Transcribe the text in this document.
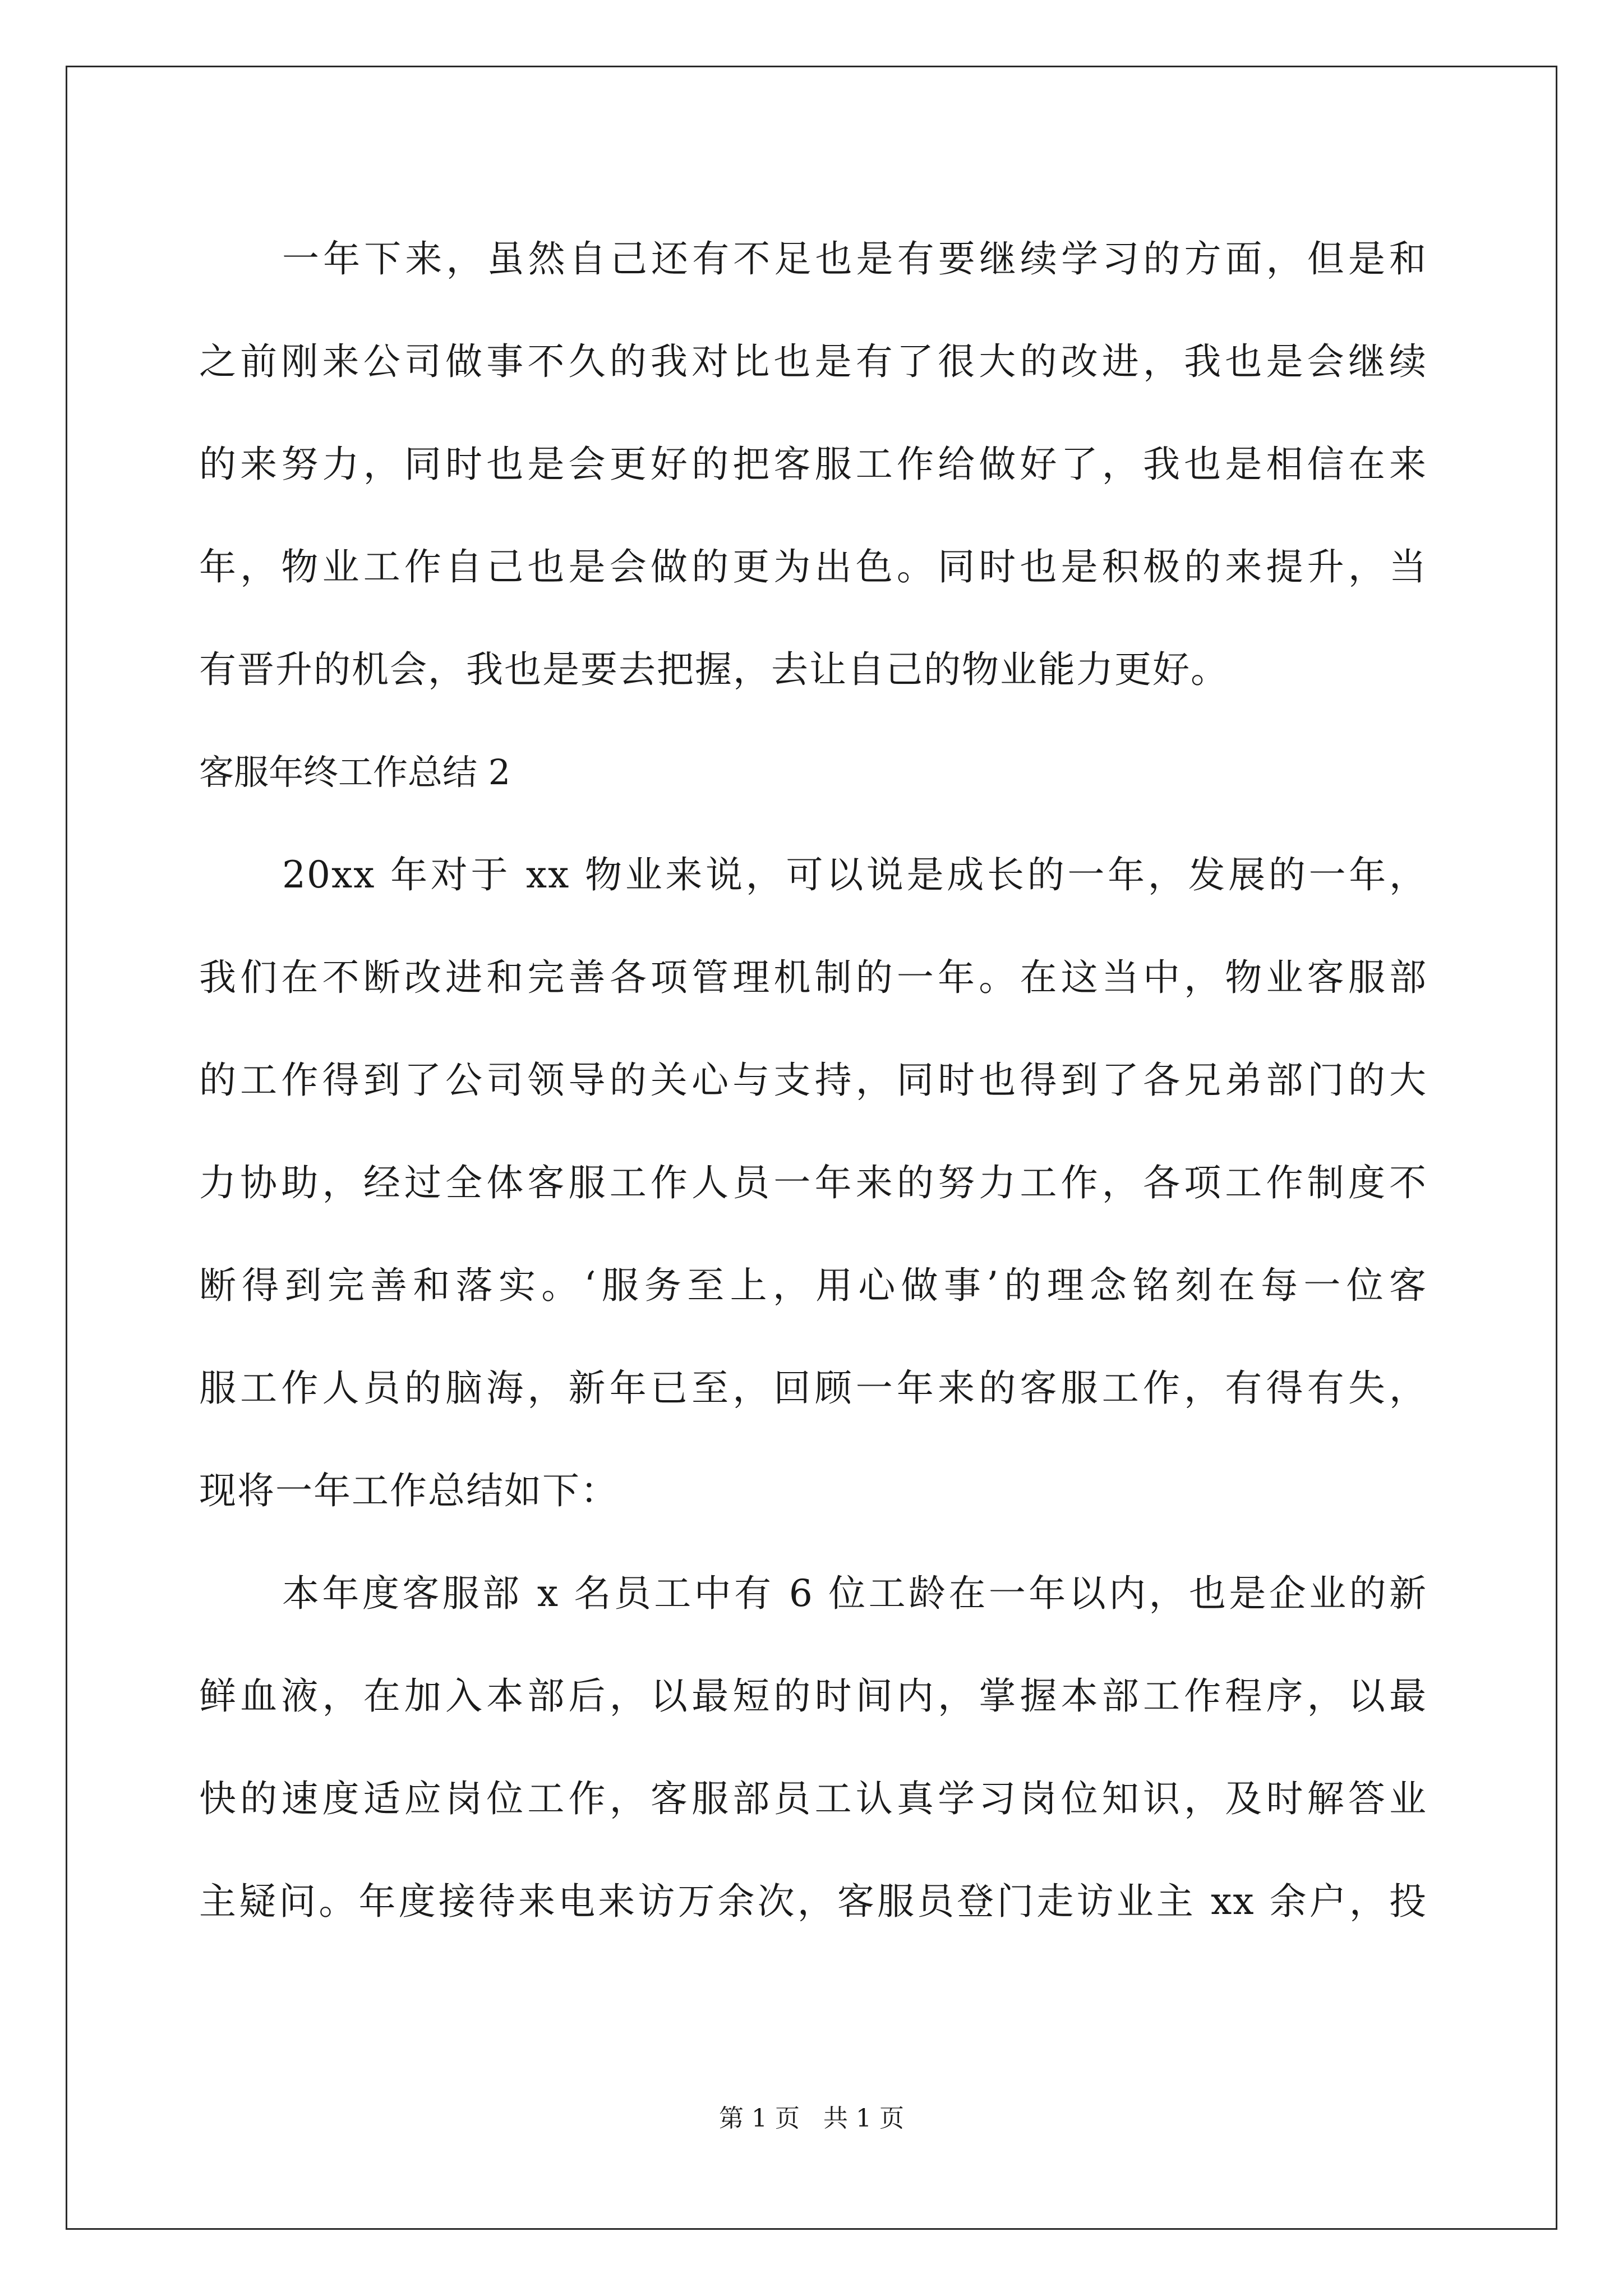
一年下来，虽然自己还有不足也是有要继续学习的方面，但是和
之前刚来公司做事不久的我对比也是有了很大的改进，我也是会继续
的来努力，同时也是会更好的把客服工作给做好了，我也是相信在来
年，物业工作自己也是会做的更为出色。同时也是积极的来提升，当
有晋升的机会，我也是要去把握，去让自己的物业能力更好。
客服年终工作总结 2
20xx 年对于 xx 物业来说，可以说是成长的一年，发展的一年，
我们在不断改进和完善各项管理机制的一年。在这当中，物业客服部
的工作得到了公司领导的关心与支持，同时也得到了各兄弟部门的大
力协助，经过全体客服工作人员一年来的努力工作，各项工作制度不
断得到完善和落实。‘服务至上，用心做事’的理念铭刻在每一位客
服工作人员的脑海，新年已至，回顾一年来的客服工作，有得有失，
现将一年工作总结如下：
本年度客服部 x 名员工中有 6 位工龄在一年以内，也是企业的新
鲜血液，在加入本部后，以最短的时间内，掌握本部工作程序，以最
快的速度适应岗位工作，客服部员工认真学习岗位知识，及时解答业
主疑问。年度接待来电来访万余次，客服员登门走访业主 xx 余户，投
第 1 页 共 1 页
